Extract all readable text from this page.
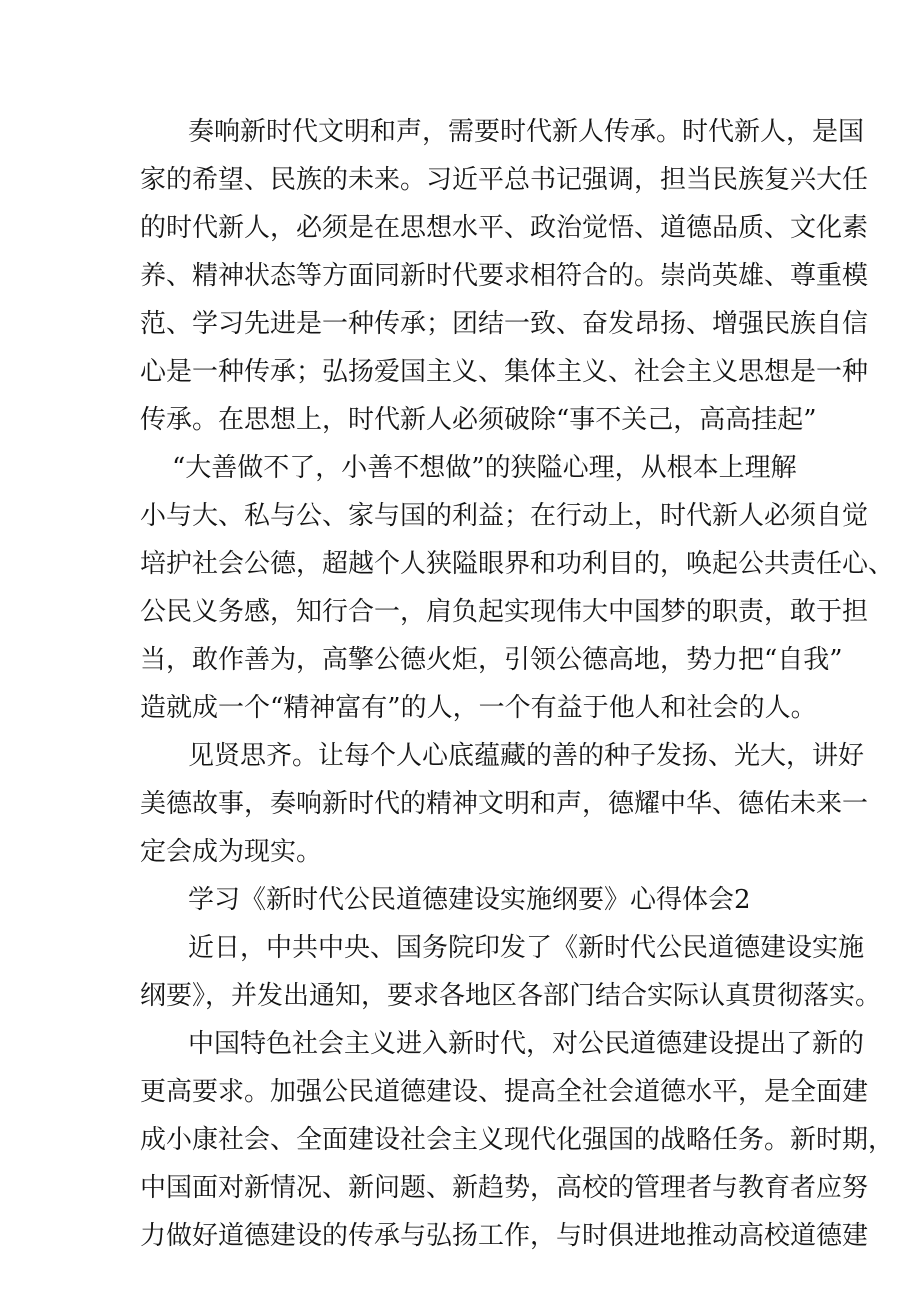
奏响新时代文明和声，需要时代新人传承。时代新人，是国
家的希望、民族的未来。习近平总书记强调，担当民族复兴大任
的时代新人，必须是在思想水平、政治觉悟、道德品质、文化素
养、精神状态等方面同新时代要求相符合的。崇尚英雄、尊重模
范、学习先进是一种传承；团结一致、奋发昂扬、增强民族自信
心是一种传承；弘扬爱国主义、集体主义、社会主义思想是一种
传承。在思想上，时代新人必须破除“事不关己，高高挂起”
“大善做不了，小善不想做”的狭隘心理，从根本上理解
小与大、私与公、家与国的利益；在行动上，时代新人必须自觉
培护社会公德，超越个人狭隘眼界和功利目的，唤起公共责任心、
公民义务感，知行合一，肩负起实现伟大中国梦的职责，敢于担
当，敢作善为，高擎公德火炬，引领公德高地，势力把“自我”
造就成一个“精神富有”的人，一个有益于他人和社会的人。
见贤思齐。让每个人心底蕴藏的善的种子发扬、光大，讲好
美德故事，奏响新时代的精神文明和声，德耀中华、德佑未来一
定会成为现实。
学习《新时代公民道德建设实施纲要》心得体会2
近日，中共中央、国务院印发了《新时代公民道德建设实施
纲要》，并发出通知，要求各地区各部门结合实际认真贯彻落实。
中国特色社会主义进入新时代，对公民道德建设提出了新的
更高要求。加强公民道德建设、提高全社会道德水平，是全面建
成小康社会、全面建设社会主义现代化强国的战略任务。新时期，
中国面对新情况、新问题、新趋势，高校的管理者与教育者应努
力做好道德建设的传承与弘扬工作，与时俱进地推动高校道德建
